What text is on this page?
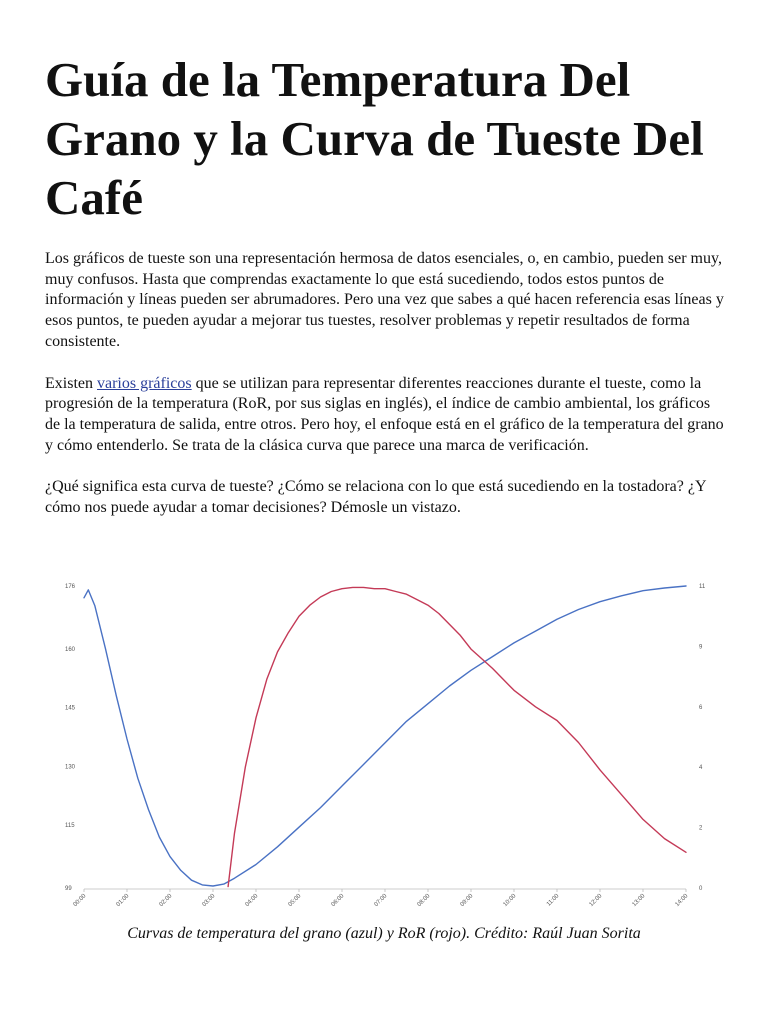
Guía de la Temperatura Del Grano y la Curva de Tueste Del Café

Los gráficos de tueste son una representación hermosa de datos esenciales, o, en cambio, pueden ser muy, muy confusos. Hasta que comprendas exactamente lo que está sucediendo, todos estos puntos de información y líneas pueden ser abrumadores. Pero una vez que sabes a qué hacen referencia esas líneas y esos puntos, te pueden ayudar a mejorar tus tuestes, resolver problemas y repetir resultados de forma consistente.

Existen varios gráficos que se utilizan para representar diferentes reacciones durante el tueste, como la progresión de la temperatura (RoR, por sus siglas en inglés), el índice de cambio ambiental, los gráficos de la temperatura de salida, entre otros. Pero hoy, el enfoque está en el gráfico de la temperatura del grano y cómo entenderlo. Se trata de la clásica curva que parece una marca de verificación.

¿Qué significa esta curva de tueste? ¿Cómo se relaciona con lo que está sucediendo en la tostadora? ¿Y cómo nos puede ayudar a tomar decisiones? Démosle un vistazo.

99
115
130
145
160
176
0
2
4
6
9
11
00:00	01:00	02:00	03:00	04:00	05:00	06:00	07:00	08:00	09:00	10:00	11:00	12:00	13:00	14:00
Curvas de temperatura del grano (azul) y RoR (rojo). Crédito: Raúl Juan Sorita
